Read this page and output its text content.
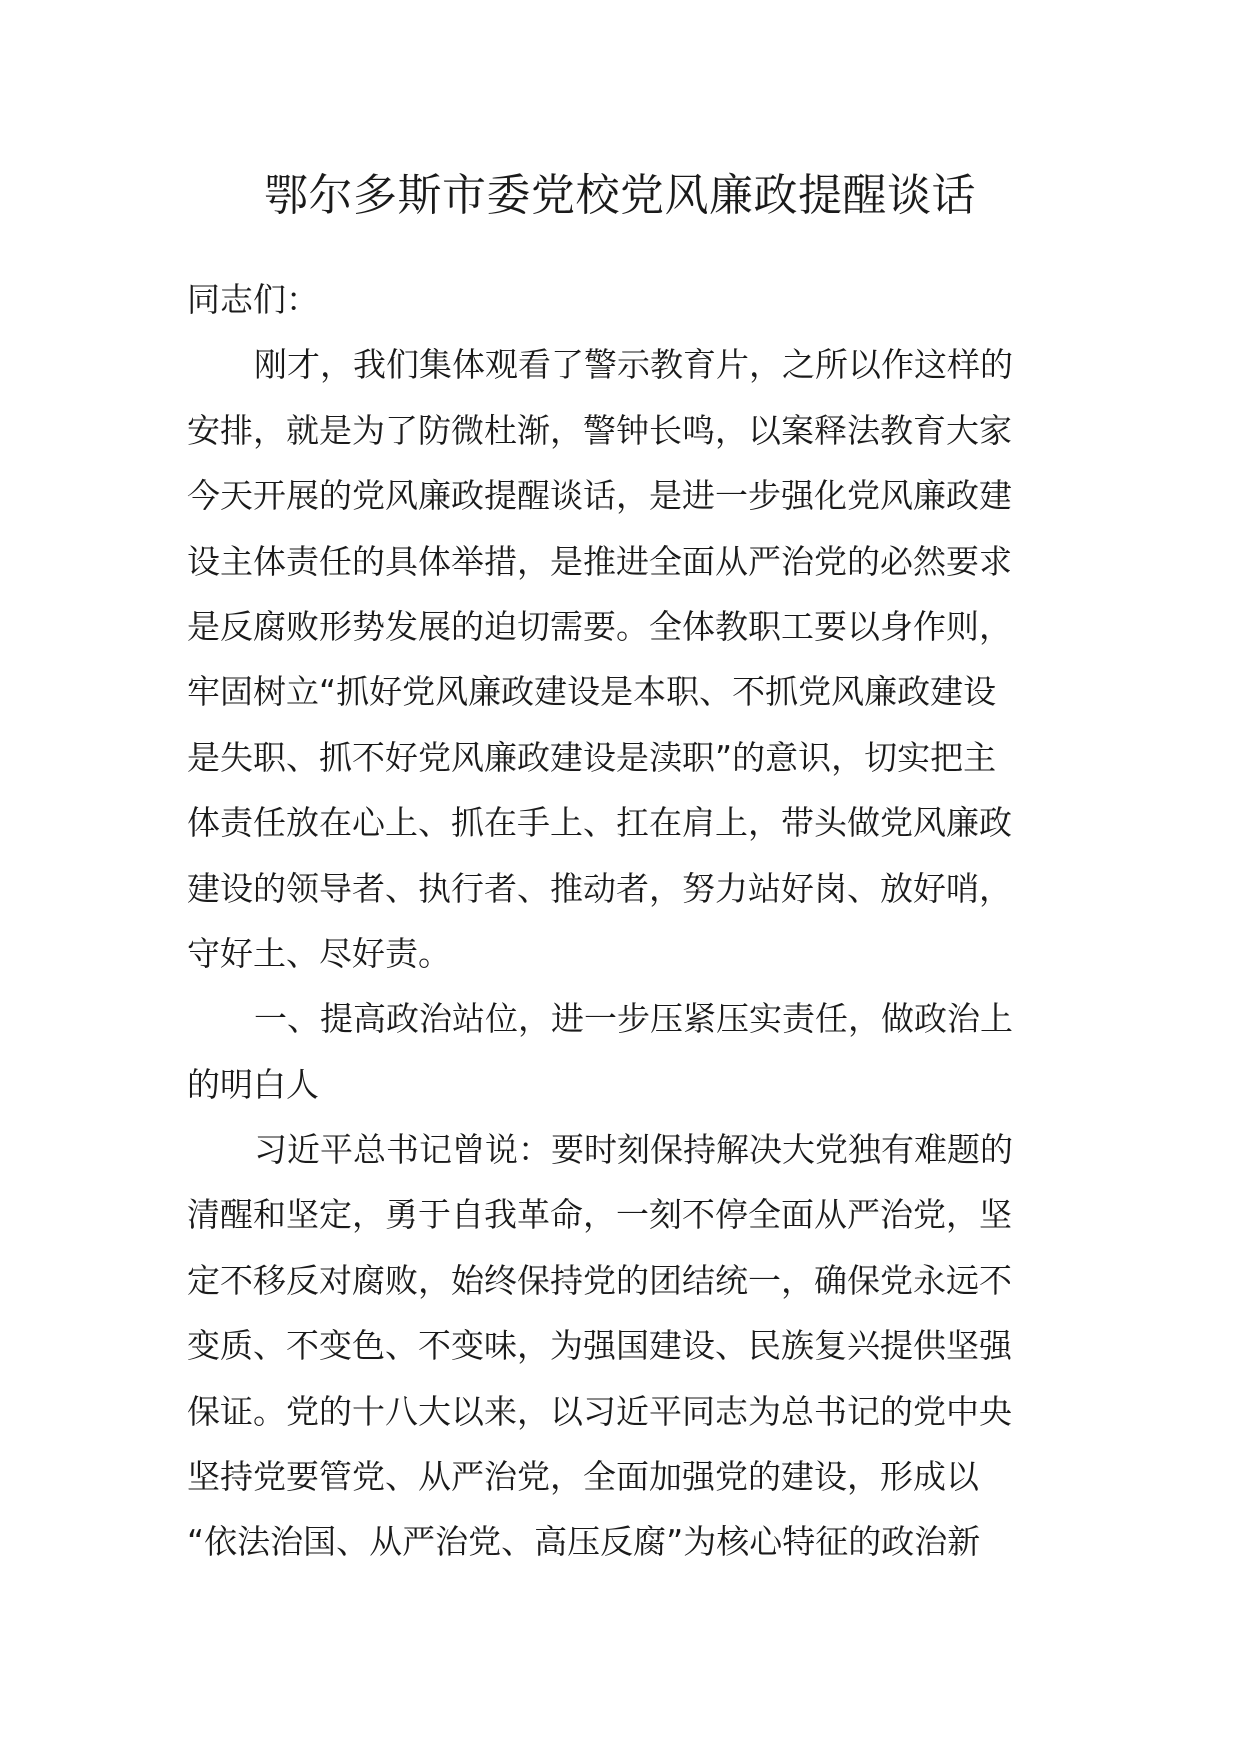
鄂尔多斯市委党校党风廉政提醒谈话
同志们：
刚才，我们集体观看了警示教育片，之所以作这样的
安排，就是为了防微杜渐，警钟长鸣，以案释法教育大家
今天开展的党风廉政提醒谈话，是进一步强化党风廉政建
设主体责任的具体举措，是推进全面从严治党的必然要求
是反腐败形势发展的迫切需要。全体教职工要以身作则，
牢固树立“抓好党风廉政建设是本职、不抓党风廉政建设
是失职、抓不好党风廉政建设是渎职”的意识，切实把主
体责任放在心上、抓在手上、扛在肩上，带头做党风廉政
建设的领导者、执行者、推动者，努力站好岗、放好哨，
守好土、尽好责。
一、提高政治站位，进一步压紧压实责任，做政治上
的明白人
习近平总书记曾说：要时刻保持解决大党独有难题的
清醒和坚定，勇于自我革命，一刻不停全面从严治党，坚
定不移反对腐败，始终保持党的团结统一，确保党永远不
变质、不变色、不变味，为强国建设、民族复兴提供坚强
保证。党的十八大以来，以习近平同志为总书记的党中央
坚持党要管党、从严治党，全面加强党的建设，形成以
“依法治国、从严治党、高压反腐”为核心特征的政治新
